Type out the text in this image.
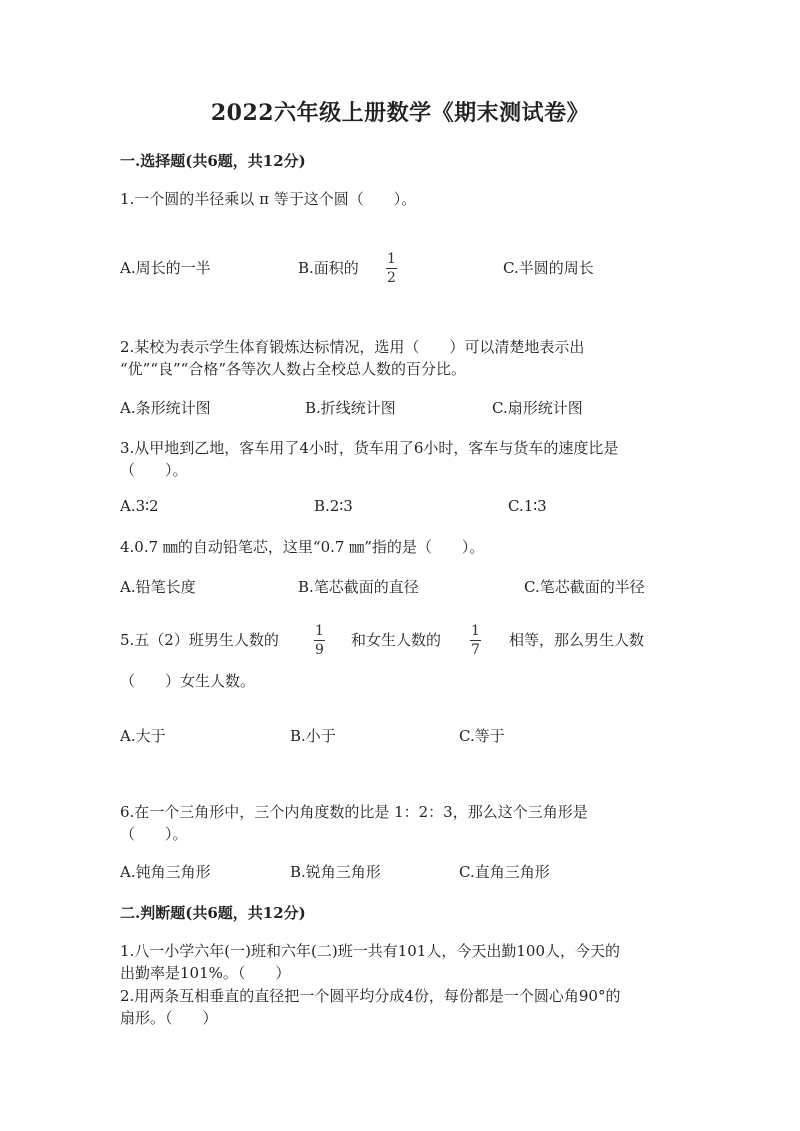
2022六年级上册数学《期末测试卷》
一.选择题(共6题，共12分)
1.一个圆的半径乘以 π 等于这个圆（　　）。
A.周长的一半	B.面积的 1
2
C.半圆的周长
2.某校为表示学生体育锻炼达标情况，选用（　　）可以清楚地表示出
“优”“良”“合格”各等次人数占全校总人数的百分比。
A.条形统计图	B.折线统计图	C.扇形统计图
3.从甲地到乙地，客车用了4小时，货车用了6小时，客车与货车的速度比是
（　　）。
A.3∶2	B.2∶3	C.1∶3
4.0.7 ㎜的自动铅笔芯，这里“0.7 ㎜”指的是（　　）。
A.铅笔长度	B.笔芯截面的直径	C.笔芯截面的半径
5.五（2）班男生人数的	1
9
和女生人数的 1
7
相等，那么男生人数
（　　）女生人数。
A.大于	B.小于	C.等于
6.在一个三角形中，三个内角度数的比是 1：2：3，那么这个三角形是
（　　）。
A.钝角三角形	B.锐角三角形	C.直角三角形
二.判断题(共6题，共12分)
1.八一小学六年(一)班和六年(二)班一共有101人，今天出勤100人，今天的
出勤率是101%。（　　）
2.用两条互相垂直的直径把一个圆平均分成4份，每份都是一个圆心角90°的
扇形。（　　）
